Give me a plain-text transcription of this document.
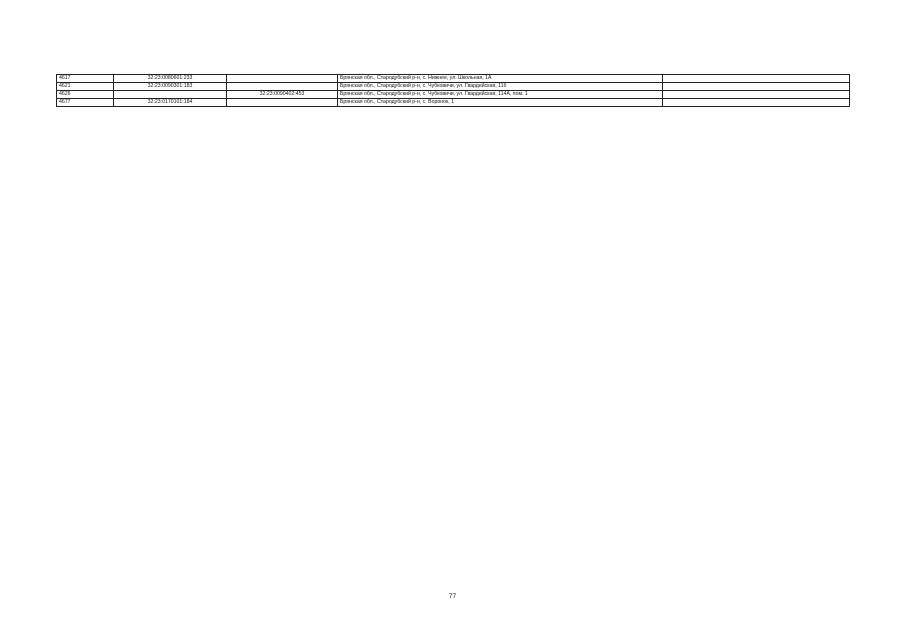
4617	32:23:0080601:233		Брянская обл., Стародубский р-н, с. Нижнее, ул. Школьная, 1А	
4621	32:23:0090301:183		Брянская обл., Стародубский р-н, с. Чубковичи, ул. Гвардейская, 11б	
4626		32:23:0090402:453	Брянская обл., Стародубский р-н, с. Чубковичи, ул. Гвардейская, 114А, пом. 1	
4677	32:23:0170101:184		Брянская обл., Стародубский р-н, с. Воронок, 1	
77
